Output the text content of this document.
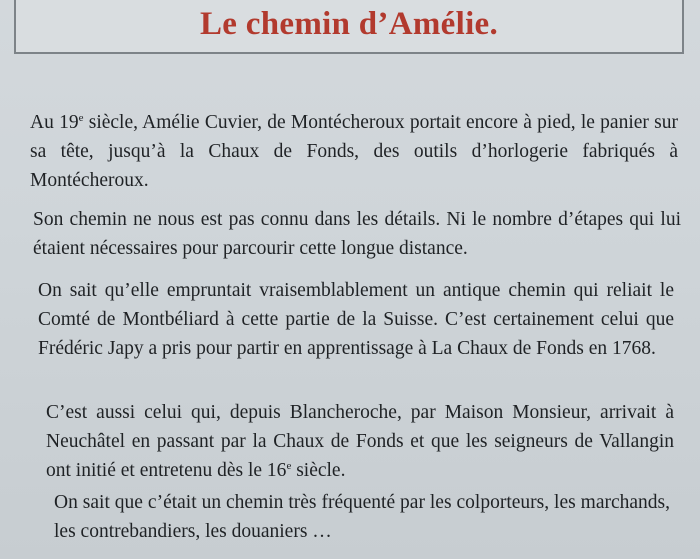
Le chemin d’Amélie.
Au 19e siècle, Amélie Cuvier, de Montécheroux portait encore à pied, le panier sur sa tête, jusqu’à la Chaux de Fonds, des outils d’horlogerie fabriqués à Montécheroux.
Son chemin ne nous est pas connu dans les détails. Ni le nombre d’étapes qui lui étaient nécessaires pour parcourir cette longue distance.
On sait qu’elle empruntait vraisemblablement un antique chemin qui reliait le Comté de Montbéliard à cette partie de la Suisse. C’est certainement celui que Frédéric Japy a pris pour partir en apprentissage à La Chaux de Fonds en 1768.
C’est aussi celui qui, depuis Blancheroche, par Maison Monsieur, arrivait à Neuchâtel en passant par la Chaux de Fonds et que les seigneurs de Vallangin ont initié et entretenu dès le 16e siècle.
On sait que c’était un chemin très fréquenté par les colporteurs, les marchands, les contrebandiers, les douaniers …
